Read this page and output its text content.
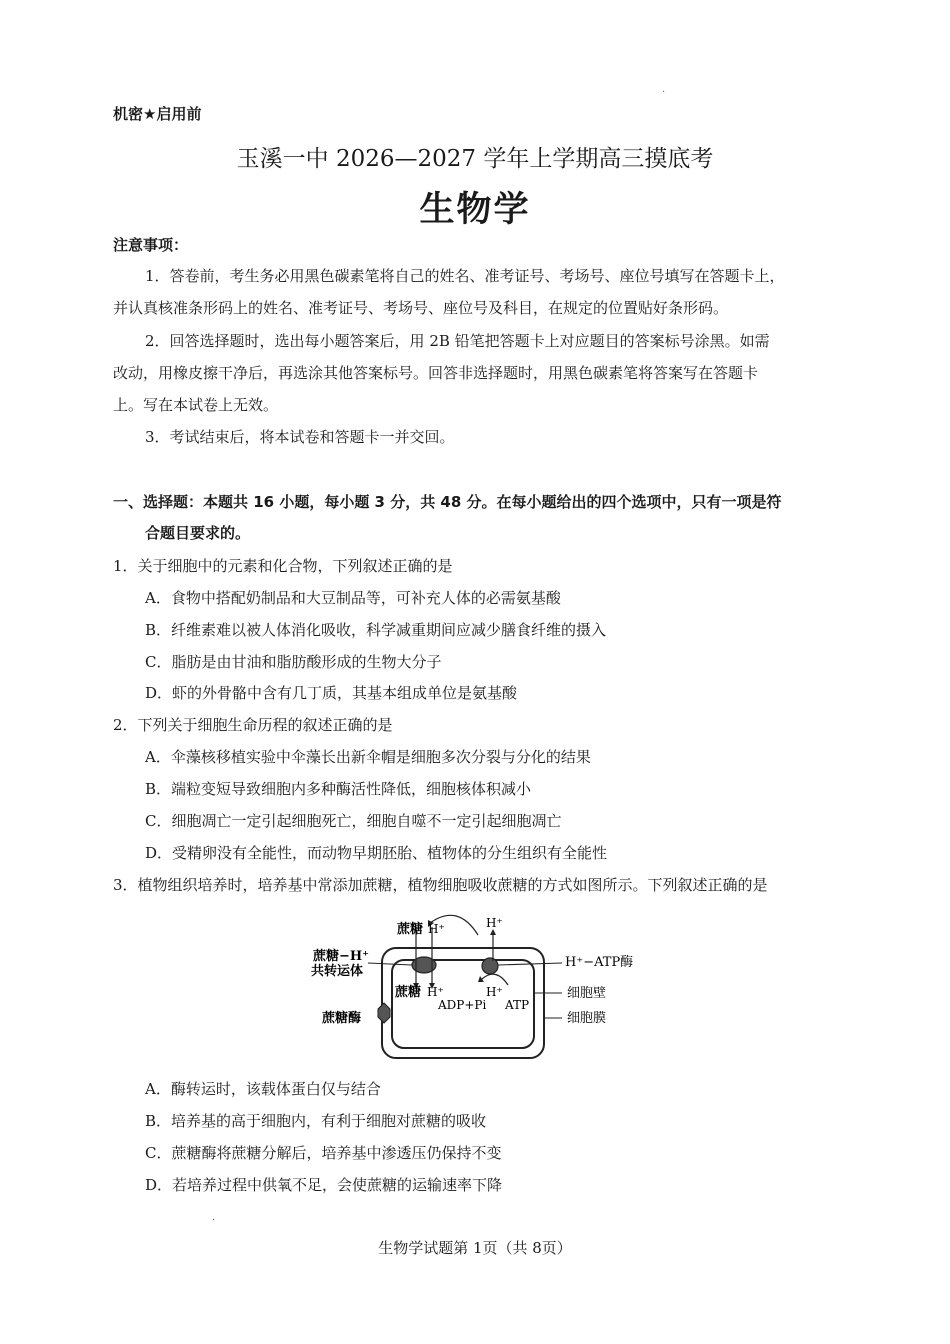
.
机密★启用前
玉溪一中 2026—2027 学年上学期高三摸底考
生物学
注意事项：
1．答卷前，考生务必用黑色碳素笔将自己的姓名、准考证号、考场号、座位号填写在答题卡上，
并认真核准条形码上的姓名、准考证号、考场号、座位号及科目，在规定的位置贴好条形码。
2．回答选择题时，选出每小题答案后，用 2B 铅笔把答题卡上对应题目的答案标号涂黑。如需
改动，用橡皮擦干净后，再选涂其他答案标号。回答非选择题时，用黑色碳素笔将答案写在答题卡
上。写在本试卷上无效。
3．考试结束后，将本试卷和答题卡一并交回。
一、选择题：本题共 16 小题，每小题 3 分，共 48 分。在每小题给出的四个选项中，只有一项是符
合题目要求的。
1．关于细胞中的元素和化合物，下列叙述正确的是
A．食物中搭配奶制品和大豆制品等，可补充人体的必需氨基酸
B．纤维素难以被人体消化吸收，科学减重期间应减少膳食纤维的摄入
C．脂肪是由甘油和脂肪酸形成的生物大分子
D．虾的外骨骼中含有几丁质，其基本组成单位是氨基酸
2．下列关于细胞生命历程的叙述正确的是
A．伞藻核移植实验中伞藻长出新伞帽是细胞多次分裂与分化的结果
B．端粒变短导致细胞内多种酶活性降低，细胞核体积减小
C．细胞凋亡一定引起细胞死亡，细胞自噬不一定引起细胞凋亡
D．受精卵没有全能性，而动物早期胚胎、植物体的分生组织有全能性
3．植物组织培养时，培养基中常添加蔗糖，植物细胞吸收蔗糖的方式如图所示。下列叙述正确的是
蔗糖 H⁺	H⁺
蔗糖−H⁺
共转运体
H⁺−ATP酶
蔗糖 H⁺	H⁺
ADP+Pi ATP
细胞壁
细胞膜
蔗糖酶
A．酶转运时，该载体蛋白仅与结合
B．培养基的高于细胞内，有利于细胞对蔗糖的吸收
C．蔗糖酶将蔗糖分解后，培养基中渗透压仍保持不变
D．若培养过程中供氧不足，会使蔗糖的运输速率下降
.
生物学试题第 1页（共 8页）
